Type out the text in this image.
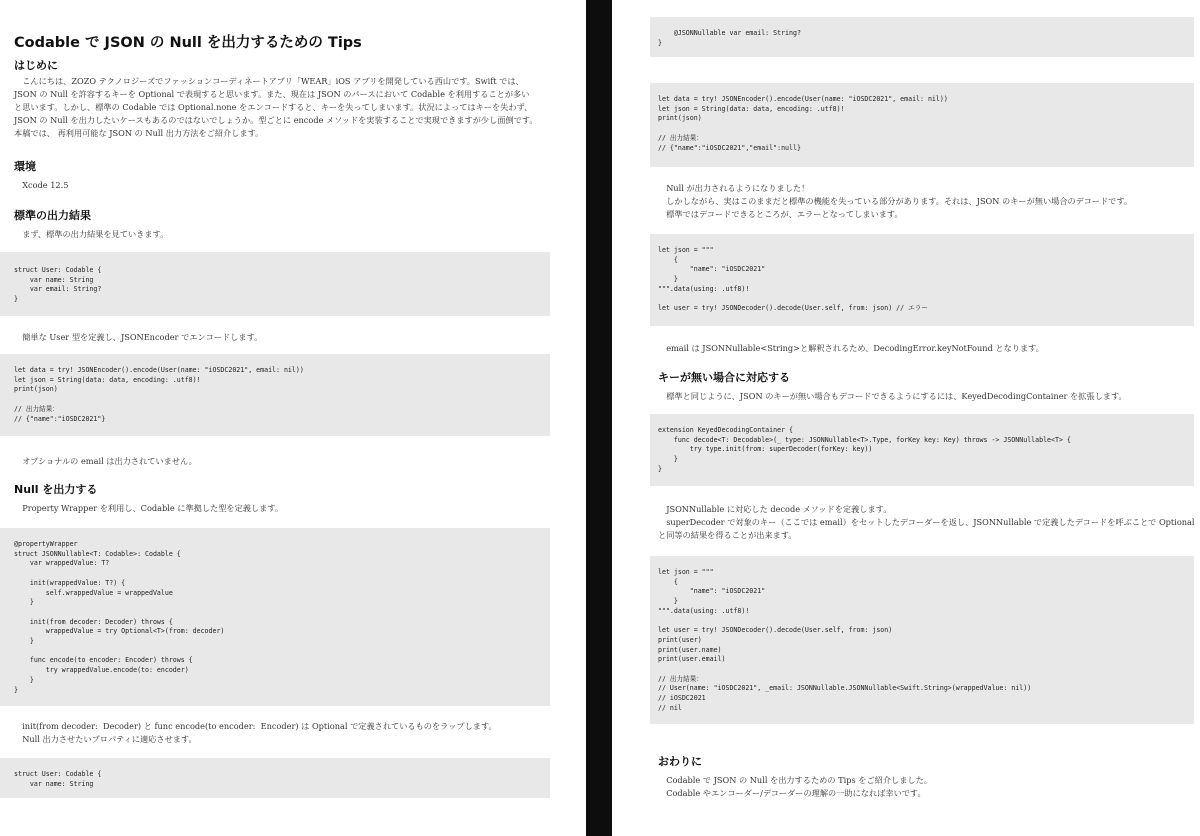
Codable で JSON の Null を出力するための Tips
はじめに

　こんにちは、ZOZO テクノロジーズでファッションコーディネートアプリ「WEAR」iOS アプリを開発している西山です。Swift では、
JSON の Null を許容するキーを Optional で表現すると思います。また、現在は JSON のパースにおいて Codable を利用することが多い
と思います。しかし、標準の Codable では Optional.none をエンコードすると、キーを失ってしまいます。状況によってはキーを失わず、
JSON の Null を出力したいケースもあるのではないでしょうか。型ごとに encode メソッドを実装することで実現できますが少し面倒です。
本稿では、 再利用可能な JSON の Null 出力方法をご紹介します。

環境

　Xcode 12.5

標準の出力結果

　まず、標準の出力結果を見ていきます。

struct User: Codable {
var name: String
var email: String?
}

　簡単な User 型を定義し、JSONEncoder でエンコードします。

let data = try! JSONEncoder().encode(User(name: "iOSDC2021", email: nil))
let json = String(data: data, encoding: .utf8)!
print(json)

// 出力結果：
// {"name":"iOSDC2021"}

　オプショナルの email は出力されていません。

Null を出力する

　Property Wrapper を利用し、Codable に準拠した型を定義します。

@propertyWrapper
struct JSONNullable<T: Codable>: Codable {
var wrappedValue: T?

init(wrappedValue: T?) {
self.wrappedValue = wrappedValue
}

init(from decoder: Decoder) throws {
wrappedValue = try Optional<T>(from: decoder)
}

func encode(to encoder: Encoder) throws {
try wrappedValue.encode(to: encoder)
}
}

　init(from decoder:  Decoder) と func encode(to encoder:  Encoder) は Optional で定義されているものをラップします。
　Null 出力させたいプロパティに適応させます。

struct User: Codable {
var name: String
@JSONNullable var email: String?
}
let data = try! JSONEncoder().encode(User(name: "iOSDC2021", email: nil))
let json = String(data: data, encoding: .utf8)!
print(json)

// 出力結果：
// {"name":"iOSDC2021","email":null}

　Null が出力されるようになりました！
　しかしながら、実はこのままだと標準の機能を失っている部分があります。それは、JSON のキーが無い場合のデコードです。
　標準ではデコードできるところが、エラーとなってしまいます。

let json = """
{
"name": "iOSDC2021"
}
""".data(using: .utf8)!

let user = try! JSONDecoder().decode(User.self, from: json) // エラー

　email は JSONNullable<String>と解釈されるため、DecodingError.keyNotFound となります。

キーが無い場合に対応する

　標準と同じように、JSON のキーが無い場合もデコードできるようにするには、KeyedDecodingContainer を拡張します。

extension KeyedDecodingContainer {
func decode<T: Decodable>(_ type: JSONNullable<T>.Type, forKey key: Key) throws -> JSONNullable<T> {
try type.init(from: superDecoder(forKey: key))
}
}

　JSONNullable に対応した decode メソッドを定義します。
　superDecoder で対象のキー（ここでは email）をセットしたデコーダーを返し、JSONNullable で定義したデコードを呼ぶことで Optional
と同等の結果を得ることが出来ます。

let json = """
{
"name": "iOSDC2021"
}
""".data(using: .utf8)!

let user = try! JSONDecoder().decode(User.self, from: json)
print(user)
print(user.name)
print(user.email)

// 出力結果：
// User(name: "iOSDC2021", _email: JSONNullable.JSONNullable<Swift.String>(wrappedValue: nil))
// iOSDC2021
// nil
おわりに

　Codable で JSON の Null を出力するための Tips をご紹介しました。
　Codable やエンコーダー/デコーダーの理解の一助になれば幸いです。
